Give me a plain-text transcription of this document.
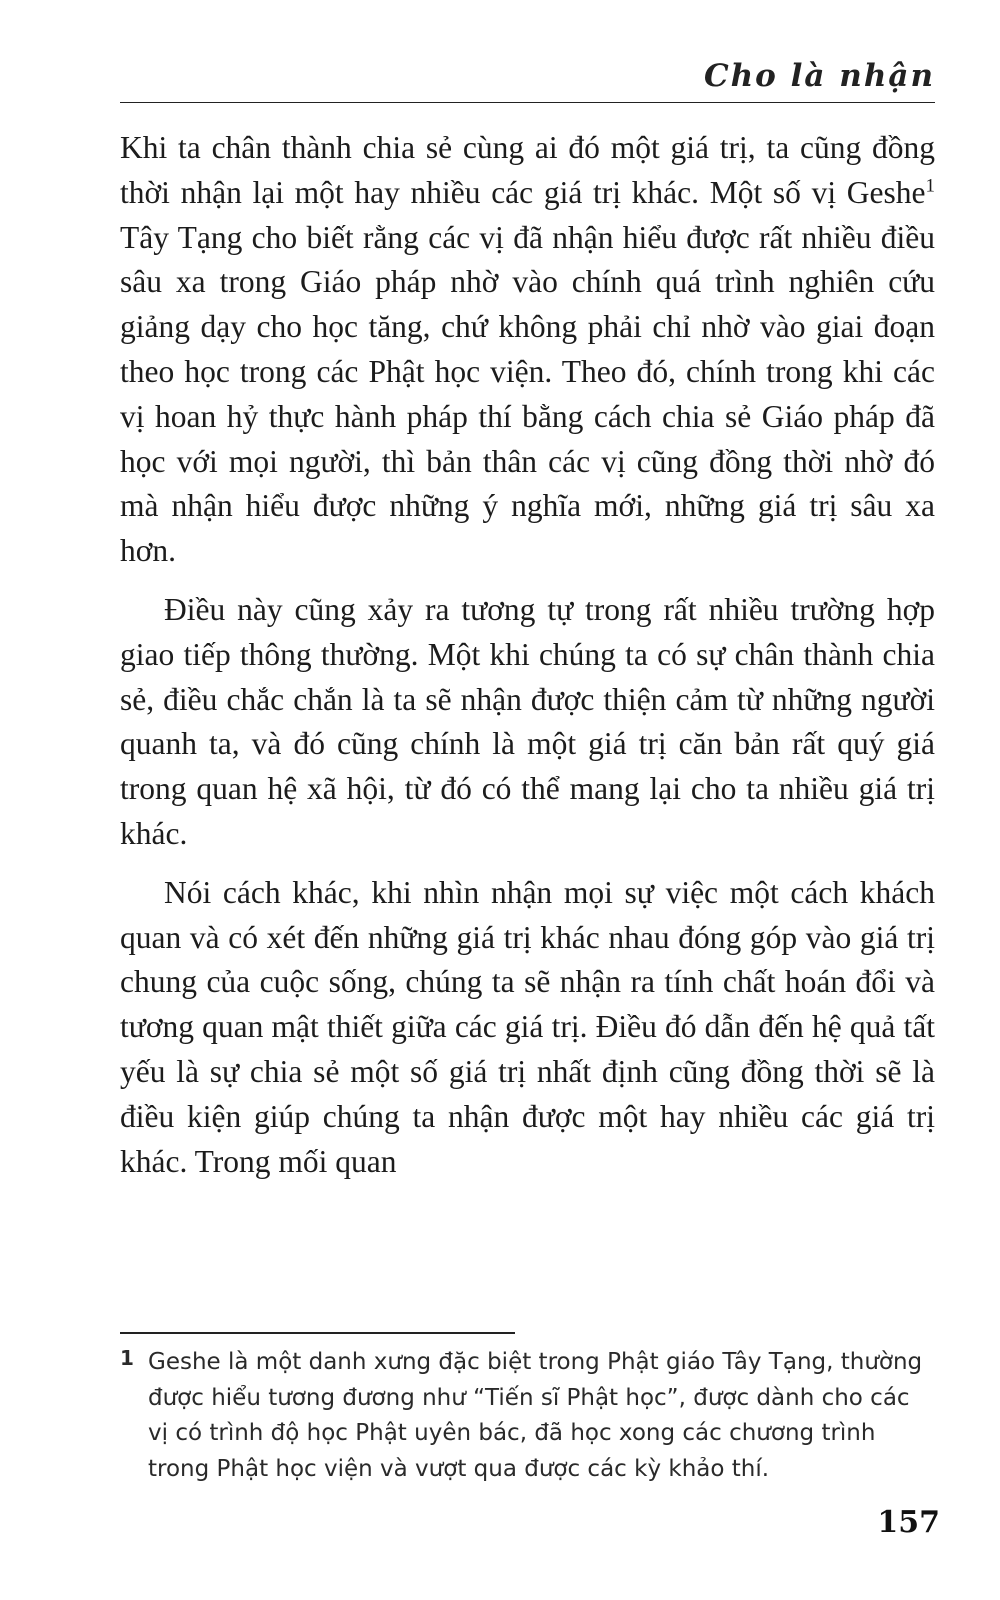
Cho là nhận

Khi ta chân thành chia sẻ cùng ai đó một giá trị, ta cũng đồng thời nhận lại một hay nhiều các giá trị khác. Một số vị Geshe$^1$ Tây Tạng cho biết rằng các vị đã nhận hiểu được rất nhiều điều sâu xa trong Giáo pháp nhờ vào chính quá trình nghiên cứu giảng dạy cho học tăng, chứ không phải chỉ nhờ vào giai đoạn theo học trong các Phật học viện. Theo đó, chính trong khi các vị hoan hỷ thực hành pháp thí bằng cách chia sẻ Giáo pháp đã học với mọi người, thì bản thân các vị cũng đồng thời nhờ đó mà nhận hiểu được những ý nghĩa mới, những giá trị sâu xa hơn.

Điều này cũng xảy ra tương tự trong rất nhiều trường hợp giao tiếp thông thường. Một khi chúng ta có sự chân thành chia sẻ, điều chắc chắn là ta sẽ nhận được thiện cảm từ những người quanh ta, và đó cũng chính là một giá trị căn bản rất quý giá trong quan hệ xã hội, từ đó có thể mang lại cho ta nhiều giá trị khác.

Nói cách khác, khi nhìn nhận mọi sự việc một cách khách quan và có xét đến những giá trị khác nhau đóng góp vào giá trị chung của cuộc sống, chúng ta sẽ nhận ra tính chất hoán đổi và tương quan mật thiết giữa các giá trị. Điều đó dẫn đến hệ quả tất yếu là sự chia sẻ một số giá trị nhất định cũng đồng thời sẽ là điều kiện giúp chúng ta nhận được một hay nhiều các giá trị khác. Trong mối quan

1 Geshe là một danh xưng đặc biệt trong Phật giáo Tây Tạng, thường được hiểu tương đương như “Tiến sĩ Phật học”, được dành cho các vị có trình độ học Phật uyên bác, đã học xong các chương trình trong Phật học viện và vượt qua được các kỳ khảo thí.
157
